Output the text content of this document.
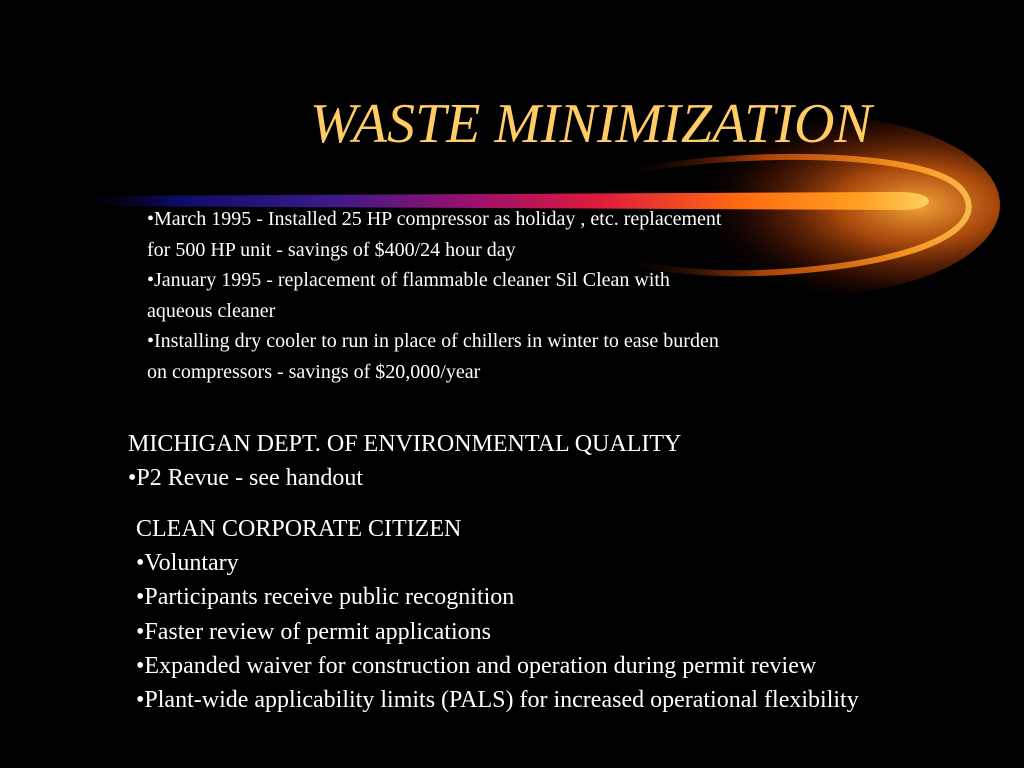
WASTE MINIMIZATION
• March 1995 - Installed 25 HP compressor as holiday , etc. replacement
for 500 HP unit - savings of $400/24 hour day
• January 1995 - replacement of flammable cleaner Sil Clean with
aqueous cleaner
• Installing dry cooler to run in place of chillers in winter to ease burden
on compressors - savings of $20,000/year
MICHIGAN DEPT. OF ENVIRONMENTAL QUALITY
• P2 Revue - see handout
CLEAN CORPORATE CITIZEN
• Voluntary
• Participants receive public recognition
• Faster review of permit applications
• Expanded waiver for construction and operation during permit review
• Plant-wide applicability limits (PALS) for increased operational flexibility
